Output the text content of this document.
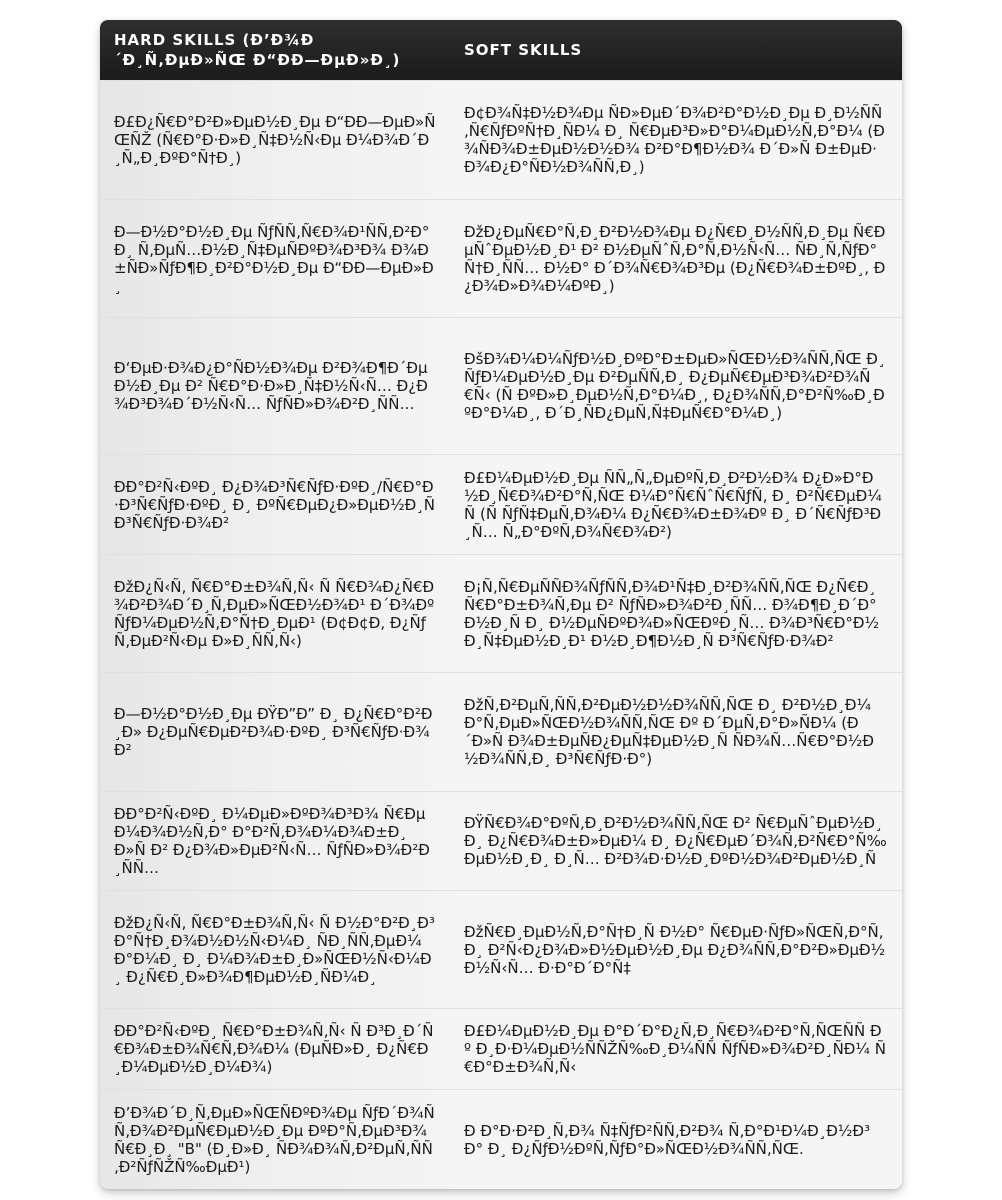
HARD SKILLS (Ð’Ð¾Ð
´Ð¸Ñ‚ÐµÐ»ÑŒ Ð“ÐÐ—ÐµÐ»Ð¸)
SOFT SKILLS
Ð£Ð¿Ñ€Ð°Ð²Ð»ÐµÐ½Ð¸Ðµ Ð“ÐÐ—ÐµÐ»ÑŒÑŽ (Ñ€Ð°Ð·Ð»Ð¸Ñ‡Ð½Ñ‹Ðµ Ð¼Ð¾Ð´Ð¸Ñ„Ð¸ÐºÐ°Ñ†Ð¸)
Ð¢Ð¾Ñ‡Ð½Ð¾Ðµ ÑÐ»ÐµÐ´Ð¾Ð²Ð°Ð½Ð¸Ðµ Ð¸Ð½ÑÑ‚Ñ€ÑƒÐºÑ†Ð¸ÑÐ¼ Ð¸ Ñ€ÐµÐ³Ð»Ð°Ð¼ÐµÐ½Ñ‚Ð°Ð¼ (Ð¾ÑÐ¾Ð±ÐµÐ½Ð½Ð¾ Ð²Ð°Ð¶Ð½Ð¾ Ð´Ð»Ñ Ð±ÐµÐ·Ð¾Ð¿Ð°ÑÐ½Ð¾ÑÑ‚Ð¸)
Ð—Ð½Ð°Ð½Ð¸Ðµ ÑƒÑÑ‚Ñ€Ð¾Ð¹ÑÑ‚Ð²Ð° Ð¸ Ñ‚ÐµÑ…Ð½Ð¸Ñ‡ÐµÑÐºÐ¾Ð³Ð¾ Ð¾Ð±ÑÐ»ÑƒÐ¶Ð¸Ð²Ð°Ð½Ð¸Ðµ Ð“ÐÐ—ÐµÐ»Ð¸
ÐžÐ¿ÐµÑ€Ð°Ñ‚Ð¸Ð²Ð½Ð¾Ðµ Ð¿Ñ€Ð¸Ð½ÑÑ‚Ð¸Ðµ Ñ€ÐµÑˆÐµÐ½Ð¸Ð¹ Ð² Ð½ÐµÑˆÑ‚Ð°Ñ‚Ð½Ñ‹Ñ… ÑÐ¸Ñ‚ÑƒÐ°Ñ†Ð¸ÑÑ… Ð½Ð° Ð´Ð¾Ñ€Ð¾Ð³Ðµ (Ð¿Ñ€Ð¾Ð±ÐºÐ¸, Ð¿Ð¾Ð»Ð¾Ð¼ÐºÐ¸)
Ð‘ÐµÐ·Ð¾Ð¿Ð°ÑÐ½Ð¾Ðµ Ð²Ð¾Ð¶Ð´ÐµÐ½Ð¸Ðµ Ð² Ñ€Ð°Ð·Ð»Ð¸Ñ‡Ð½Ñ‹Ñ… Ð¿Ð¾Ð³Ð¾Ð´Ð½Ñ‹Ñ… ÑƒÑÐ»Ð¾Ð²Ð¸ÑÑ…
ÐšÐ¾Ð¼Ð¼ÑƒÐ½Ð¸ÐºÐ°Ð±ÐµÐ»ÑŒÐ½Ð¾ÑÑ‚ÑŒ Ð¸ ÑƒÐ¼ÐµÐ½Ð¸Ðµ Ð²ÐµÑÑ‚Ð¸ Ð¿ÐµÑ€ÐµÐ³Ð¾Ð²Ð¾Ñ€Ñ‹ (Ñ ÐºÐ»Ð¸ÐµÐ½Ñ‚Ð°Ð¼Ð¸, Ð¿Ð¾ÑÑ‚Ð°Ð²Ñ‰Ð¸ÐºÐ°Ð¼Ð¸, Ð´Ð¸ÑÐ¿ÐµÑ‚Ñ‡ÐµÑ€Ð°Ð¼Ð¸)
ÐÐ°Ð²Ñ‹ÐºÐ¸ Ð¿Ð¾Ð³Ñ€ÑƒÐ·ÐºÐ¸/Ñ€Ð°Ð·Ð³Ñ€ÑƒÐ·ÐºÐ¸ Ð¸ ÐºÑ€ÐµÐ¿Ð»ÐµÐ½Ð¸Ñ Ð³Ñ€ÑƒÐ·Ð¾Ð²
Ð£Ð¼ÐµÐ½Ð¸Ðµ ÑÑ„Ñ„ÐµÐºÑ‚Ð¸Ð²Ð½Ð¾ Ð¿Ð»Ð°Ð½Ð¸Ñ€Ð¾Ð²Ð°Ñ‚ÑŒ Ð¼Ð°Ñ€ÑˆÑ€ÑƒÑ‚ Ð¸ Ð²Ñ€ÐµÐ¼Ñ (Ñ ÑƒÑ‡ÐµÑ‚Ð¾Ð¼ Ð¿Ñ€Ð¾Ð±Ð¾Ðº Ð¸ Ð´Ñ€ÑƒÐ³Ð¸Ñ… Ñ„Ð°ÐºÑ‚Ð¾Ñ€Ð¾Ð²)
ÐžÐ¿Ñ‹Ñ‚ Ñ€Ð°Ð±Ð¾Ñ‚Ñ‹ Ñ Ñ€Ð¾Ð¿Ñ€Ð¾Ð²Ð¾Ð´Ð¸Ñ‚ÐµÐ»ÑŒÐ½Ð¾Ð¹ Ð´Ð¾ÐºÑƒÐ¼ÐµÐ½Ñ‚Ð°Ñ†Ð¸ÐµÐ¹ (Ð¢Ð¢Ð, Ð¿ÑƒÑ‚ÐµÐ²Ñ‹Ðµ Ð»Ð¸ÑÑ‚Ñ‹)
Ð¡Ñ‚Ñ€ÐµÑÑÐ¾ÑƒÑÑ‚Ð¾Ð¹Ñ‡Ð¸Ð²Ð¾ÑÑ‚ÑŒ Ð¿Ñ€Ð¸ Ñ€Ð°Ð±Ð¾Ñ‚Ðµ Ð² ÑƒÑÐ»Ð¾Ð²Ð¸ÑÑ… Ð¾Ð¶Ð¸Ð´Ð°Ð½Ð¸Ñ Ð¸ Ð½ÐµÑÐºÐ¾Ð»ÑŒÐºÐ¸Ñ… Ð¾Ð³Ñ€Ð°Ð½Ð¸Ñ‡ÐµÐ½Ð¸Ð¹ Ð½Ð¸Ð¶Ð½Ð¸Ñ Ð³Ñ€ÑƒÐ·Ð¾Ð²
Ð—Ð½Ð°Ð½Ð¸Ðµ ÐŸÐ”Ð” Ð¸ Ð¿Ñ€Ð°Ð²Ð¸Ð» Ð¿ÐµÑ€ÐµÐ²Ð¾Ð·ÐºÐ¸ Ð³Ñ€ÑƒÐ·Ð¾Ð²
ÐžÑ‚Ð²ÐµÑ‚ÑÑ‚Ð²ÐµÐ½Ð½Ð¾ÑÑ‚ÑŒ Ð¸ Ð²Ð½Ð¸Ð¼Ð°Ñ‚ÐµÐ»ÑŒÐ½Ð¾ÑÑ‚ÑŒ Ðº Ð´ÐµÑ‚Ð°Ð»ÑÐ¼ (Ð´Ð»Ñ Ð¾Ð±ÐµÑÐ¿ÐµÑ‡ÐµÐ½Ð¸Ñ ÑÐ¾Ñ…Ñ€Ð°Ð½Ð½Ð¾ÑÑ‚Ð¸ Ð³Ñ€ÑƒÐ·Ð°)
ÐÐ°Ð²Ñ‹ÐºÐ¸ Ð¼ÐµÐ»ÐºÐ¾Ð³Ð¾ Ñ€ÐµÐ¼Ð¾Ð½Ñ‚Ð° Ð°Ð²Ñ‚Ð¾Ð¼Ð¾Ð±Ð¸Ð»Ñ Ð² Ð¿Ð¾Ð»ÐµÐ²Ñ‹Ñ… ÑƒÑÐ»Ð¾Ð²Ð¸ÑÑ…
ÐŸÑ€Ð¾Ð°ÐºÑ‚Ð¸Ð²Ð½Ð¾ÑÑ‚ÑŒ Ð² Ñ€ÐµÑˆÐµÐ½Ð¸Ð¸ Ð¿Ñ€Ð¾Ð±Ð»ÐµÐ¼ Ð¸ Ð¿Ñ€ÐµÐ´Ð¾Ñ‚Ð²Ñ€Ð°Ñ‰ÐµÐ½Ð¸Ð¸ Ð¸Ñ… Ð²Ð¾Ð·Ð½Ð¸ÐºÐ½Ð¾Ð²ÐµÐ½Ð¸Ñ
ÐžÐ¿Ñ‹Ñ‚ Ñ€Ð°Ð±Ð¾Ñ‚Ñ‹ Ñ Ð½Ð°Ð²Ð¸Ð³Ð°Ñ†Ð¸Ð¾Ð½Ð½Ñ‹Ð¼Ð¸ ÑÐ¸ÑÑ‚ÐµÐ¼Ð°Ð¼Ð¸ Ð¸ Ð¼Ð¾Ð±Ð¸Ð»ÑŒÐ½Ñ‹Ð¼Ð¸ Ð¿Ñ€Ð¸Ð»Ð¾Ð¶ÐµÐ½Ð¸ÑÐ¼Ð¸
ÐžÑ€Ð¸ÐµÐ½Ñ‚Ð°Ñ†Ð¸Ñ Ð½Ð° Ñ€ÐµÐ·ÑƒÐ»ÑŒÑ‚Ð°Ñ‚ Ð¸ Ð²Ñ‹Ð¿Ð¾Ð»Ð½ÐµÐ½Ð¸Ðµ Ð¿Ð¾ÑÑ‚Ð°Ð²Ð»ÐµÐ½Ð½Ñ‹Ñ… Ð·Ð°Ð´Ð°Ñ‡
ÐÐ°Ð²Ñ‹ÐºÐ¸ Ñ€Ð°Ð±Ð¾Ñ‚Ñ‹ Ñ Ð³Ð¸Ð´Ñ€Ð¾Ð±Ð¾Ñ€Ñ‚Ð¾Ð¼ (ÐµÑÐ»Ð¸ Ð¿Ñ€Ð¸Ð¼ÐµÐ½Ð¸Ð¼Ð¾)
Ð£Ð¼ÐµÐ½Ð¸Ðµ Ð°Ð´Ð°Ð¿Ñ‚Ð¸Ñ€Ð¾Ð²Ð°Ñ‚ÑŒÑÑ Ðº Ð¸Ð·Ð¼ÐµÐ½ÑÑŽÑ‰Ð¸Ð¼ÑÑ ÑƒÑÐ»Ð¾Ð²Ð¸ÑÐ¼ Ñ€Ð°Ð±Ð¾Ñ‚Ñ‹
Ð’Ð¾Ð´Ð¸Ñ‚ÐµÐ»ÑŒÑÐºÐ¾Ðµ ÑƒÐ´Ð¾ÑÑ‚Ð¾Ð²ÐµÑ€ÐµÐ½Ð¸Ðµ ÐºÐ°Ñ‚ÐµÐ³Ð¾Ñ€Ð¸Ð¸ "B" (Ð¸Ð»Ð¸ ÑÐ¾Ð¾Ñ‚Ð²ÐµÑ‚ÑÑ‚Ð²ÑƒÑŽÑ‰ÐµÐ¹)
Ð Ð°Ð·Ð²Ð¸Ñ‚Ð¾ Ñ‡ÑƒÐ²ÑÑ‚Ð²Ð¾ Ñ‚Ð°Ð¹Ð¼Ð¸Ð½Ð³Ð° Ð¸ Ð¿ÑƒÐ½ÐºÑ‚ÑƒÐ°Ð»ÑŒÐ½Ð¾ÑÑ‚ÑŒ.
